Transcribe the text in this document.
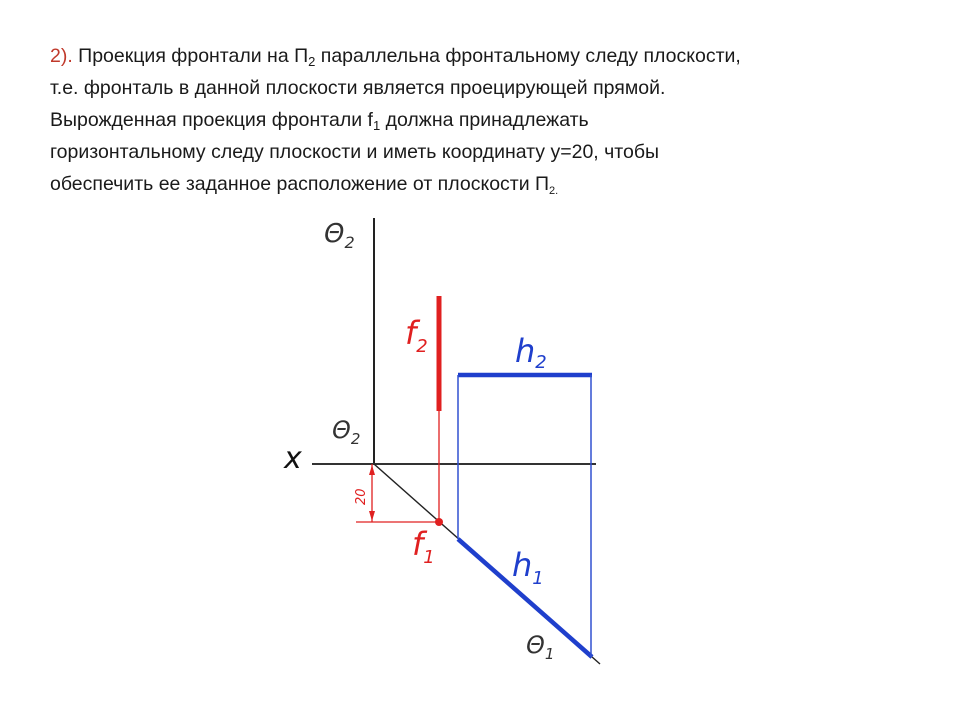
2). Проекция фронтали на $П_2$ параллельна фронтальному следу плоскости,
т.е. фронталь в данной плоскости является проецирующей прямой.
Вырожденная проекция фронтали $f_1$ должна принадлежать
горизонтальному следу плоскости и иметь координату y=20, чтобы
обеспечить ее заданное расположение от плоскости $П_{2.}$
20
$\Theta_2$
$\Theta_2$
$\Theta_1$
x
$f_2$
$f_1$
h2
$h_1$
